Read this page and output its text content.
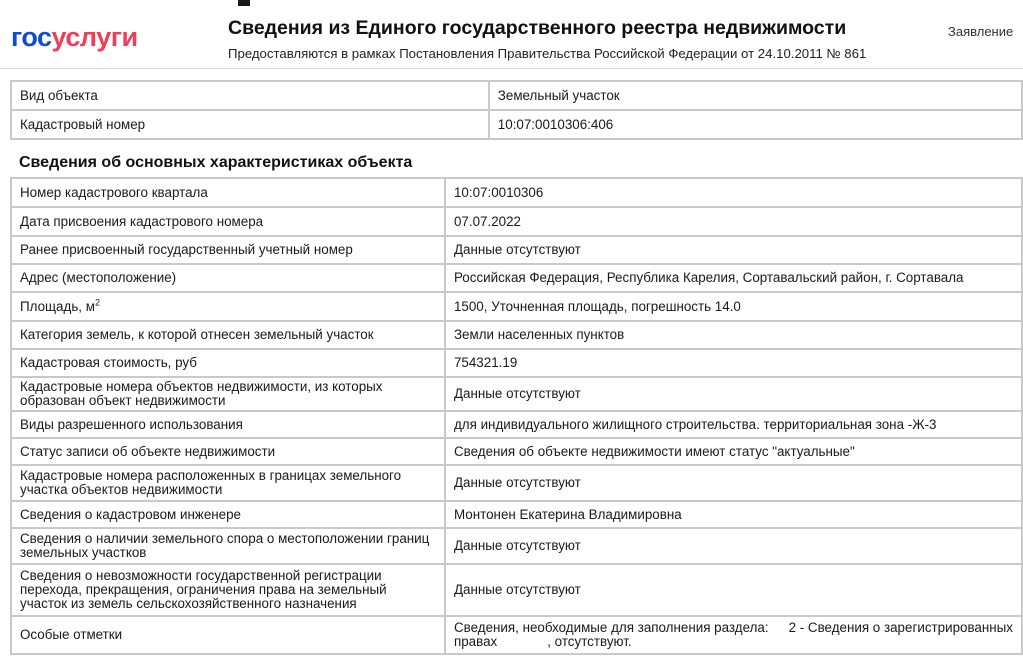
госуслуги	Сведения из Единого государственного реестра недвижимости
Предоставляются в рамках Постановления Правительства Российской Федерации от 24.10.2011 № 861
Заявление
Вид объекта	Земельный участок
Кадастровый номер	10:07:0010306:406
Сведения об основных характеристиках объекта
Номер кадастрового квартала	10:07:0010306
Дата присвоения кадастрового номера	07.07.2022
Ранее присвоенный государственный учетный номер	Данные отсутствуют
Адрес (местоположение)	Российская Федерация, Республика Карелия, Сортавальский район, г. Сортавала
Площадь, $м^2$	1500, Уточненная площадь, погрешность 14.0
Категория земель, к которой отнесен земельный участок	Земли населенных пунктов
Кадастровая стоимость, руб	754321.19
Кадастровые номера объектов недвижимости, из которых образован объект недвижимости	Данные отсутствуют
Виды разрешенного использования	для индивидуального жилищного строительства. территориальная зона -Ж-3
Статус записи об объекте недвижимости	Сведения об объекте недвижимости имеют статус "актуальные"
Кадастровые номера расположенных в границах земельного участка объектов недвижимости	Данные отсутствуют
Сведения о кадастровом инженере	Монтонен Екатерина Владимировна
Сведения о наличии земельного спора о местоположении границ земельных участков	Данные отсутствуют
Сведения о невозможности государственной регистрации перехода, прекращения, ограничения права на земельный участок из земель сельскохозяйственного назначения	Данные отсутствуют
Особые отметки	Сведения, необходимые для заполнения раздела: 2 - Сведения о зарегистрированных
правах , отсутствуют.
